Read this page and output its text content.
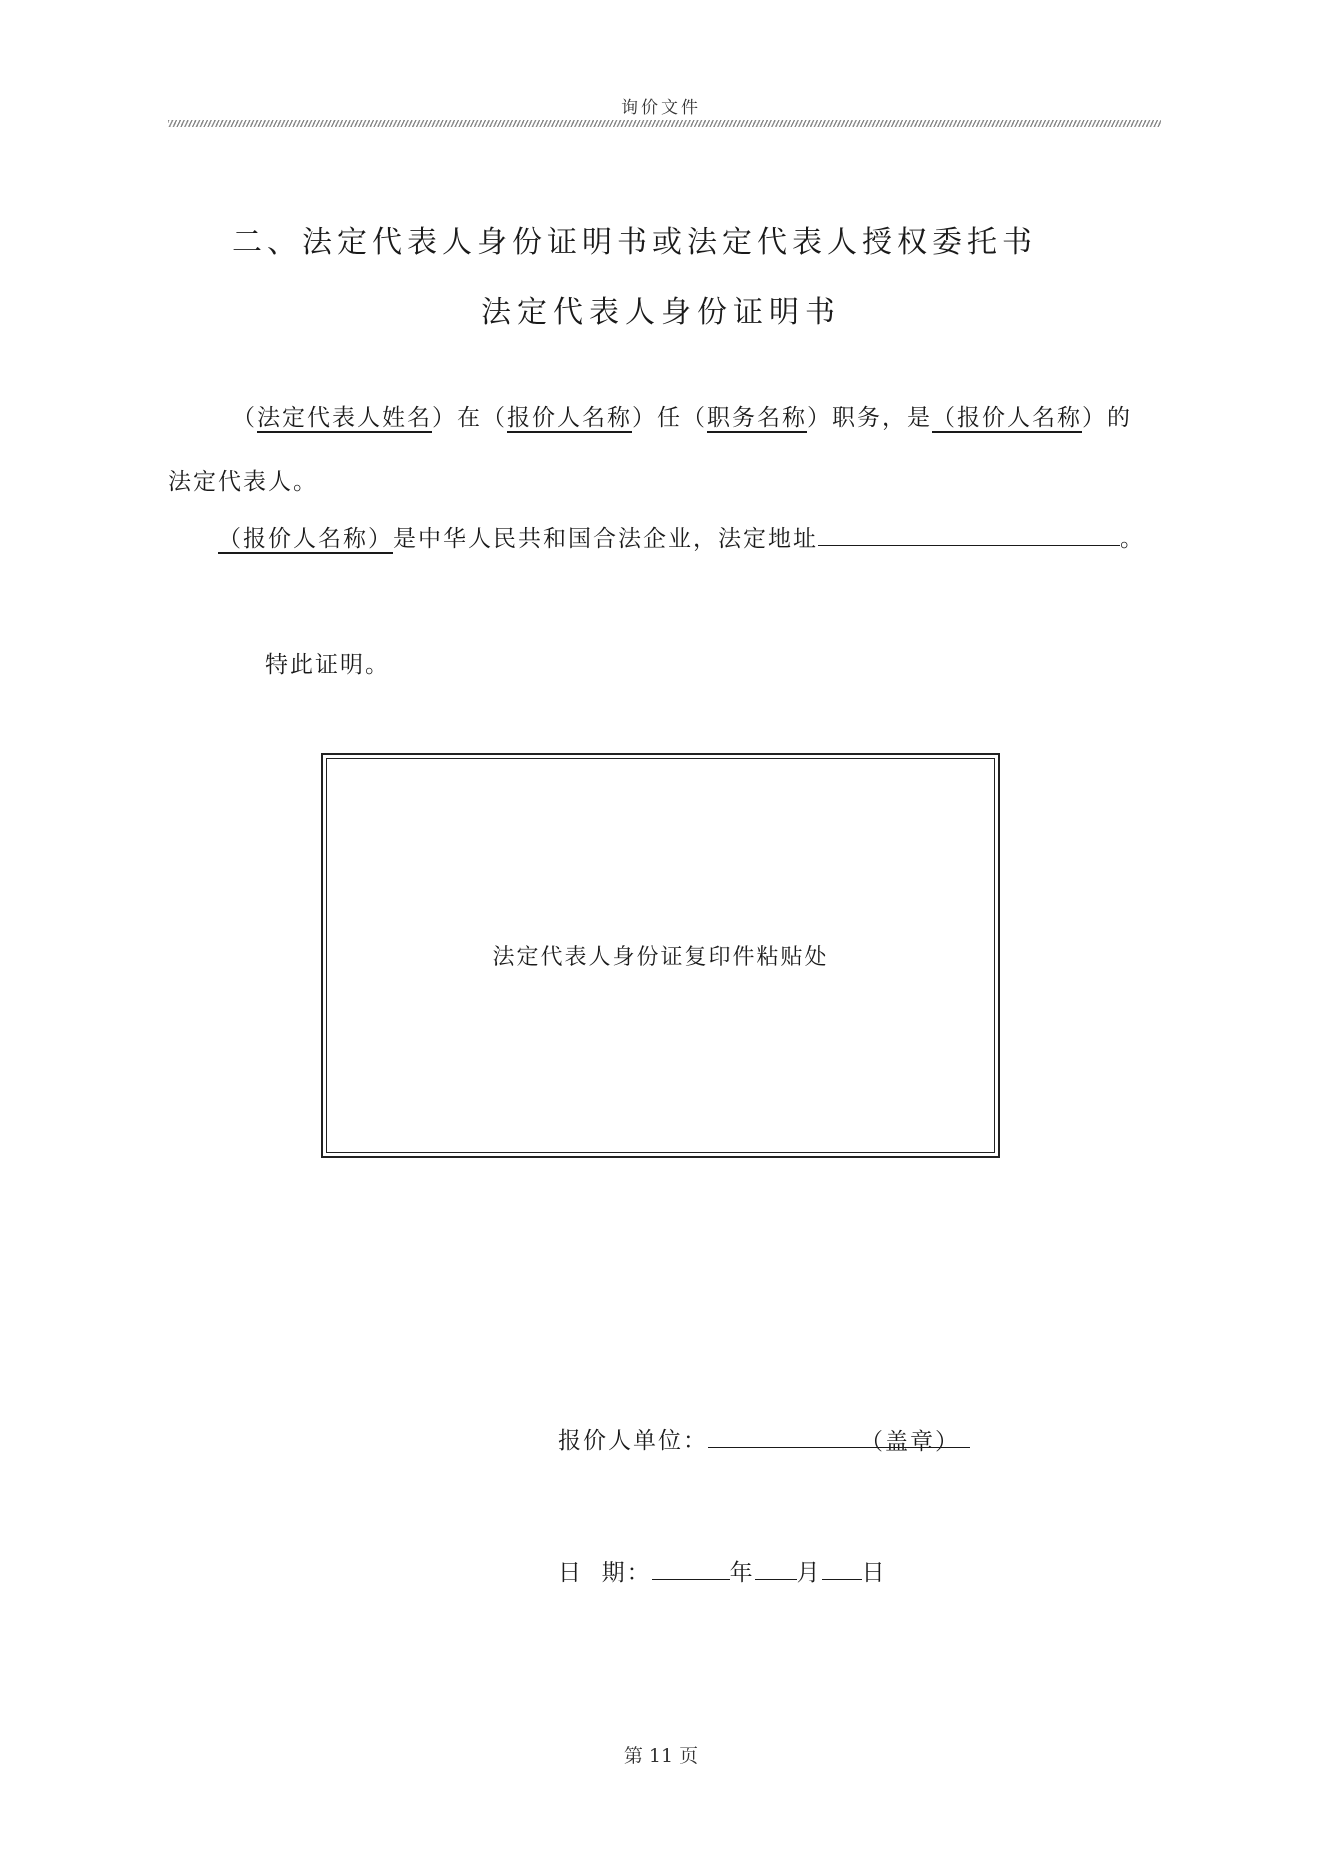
询价文件
二、法定代表人身份证明书或法定代表人授权委托书
法定代表人身份证明书
（法定代表人姓名）在（报价人名称）任（职务名称）职务，是（报价人名称）的
法定代表人。
（报价人名称）是中华人民共和国合法企业，法定地址	。
特此证明。
法定代表人身份证复印件粘贴处
报价人单位：	（盖章）
日  期：	年 月 日
第 11 页
